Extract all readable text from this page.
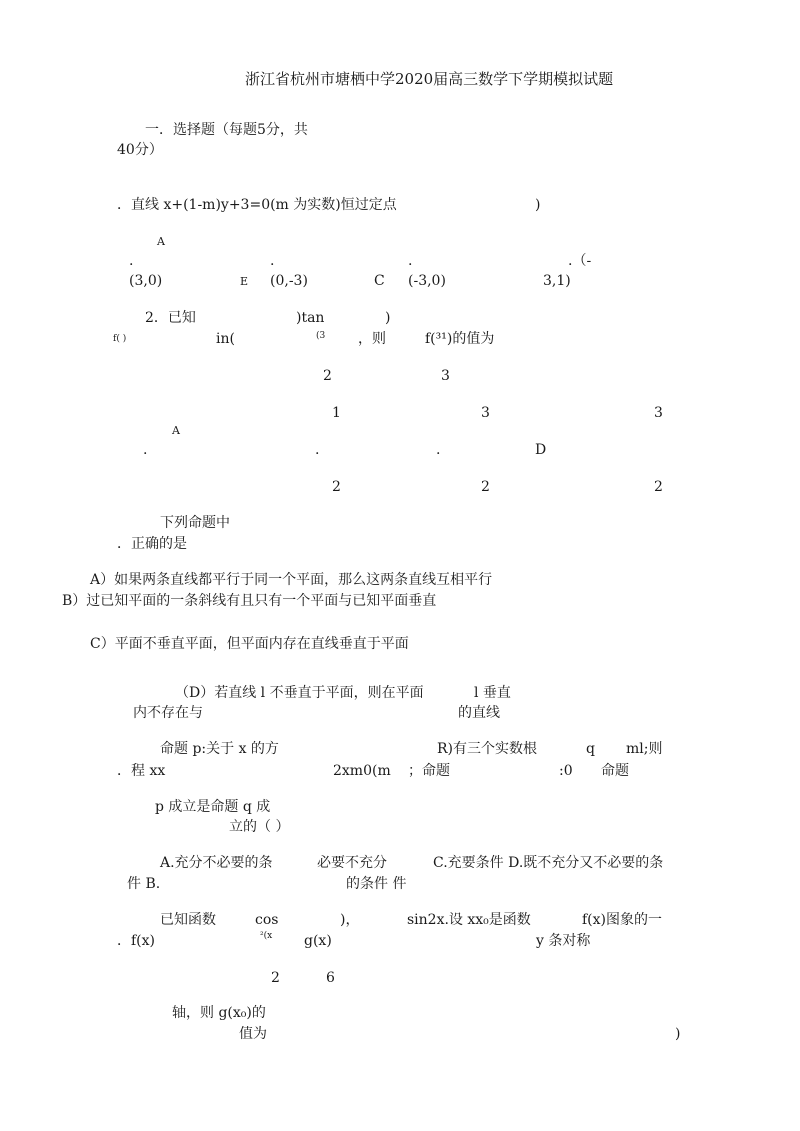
浙江省杭州市塘栖中学2020届高三数学下学期模拟试题
一．选择题（每题5分，共
40分）
．直线 x+(1-m)y+3=0(m 为实数)恒过定点	)
A
.	.	.	.（-
(3,0)	E (0,-3)	C (-3,0)	3,1)
2．已知	)tan	)
f( )	in(	(3 ，则	f(³¹)的值为
2	3
1	3	3
A
.	.	.	D
2	2	2
下列命题中
．正确的是
A）如果两条直线都平行于同一个平面，那么这两条直线互相平行
B）过已知平面的一条斜线有且只有一个平面与已知平面垂直
C）平面不垂直平面，但平面内存在直线垂直于平面
（D）若直线 l 不垂直于平面，则在平面	l 垂直
内不存在与	的直线
命题 p:关于 x 的方	R)有三个实数根	q ml;则
．程 xx	2xm0(m ；命题	:0 命题
p 成立是命题 q 成
立的（ ）
A.充分不必要的条	必要不充分	C.充要条件 D.既不充分又不必要的条
件 B.	的条件 件
已知函数	cos	)，	sin2x.设 xx₀是函数	f(x)图象的一
．f(x)	²(x g(x)	y 条对称
2	6
轴，则 g(x₀)的
值为	)
